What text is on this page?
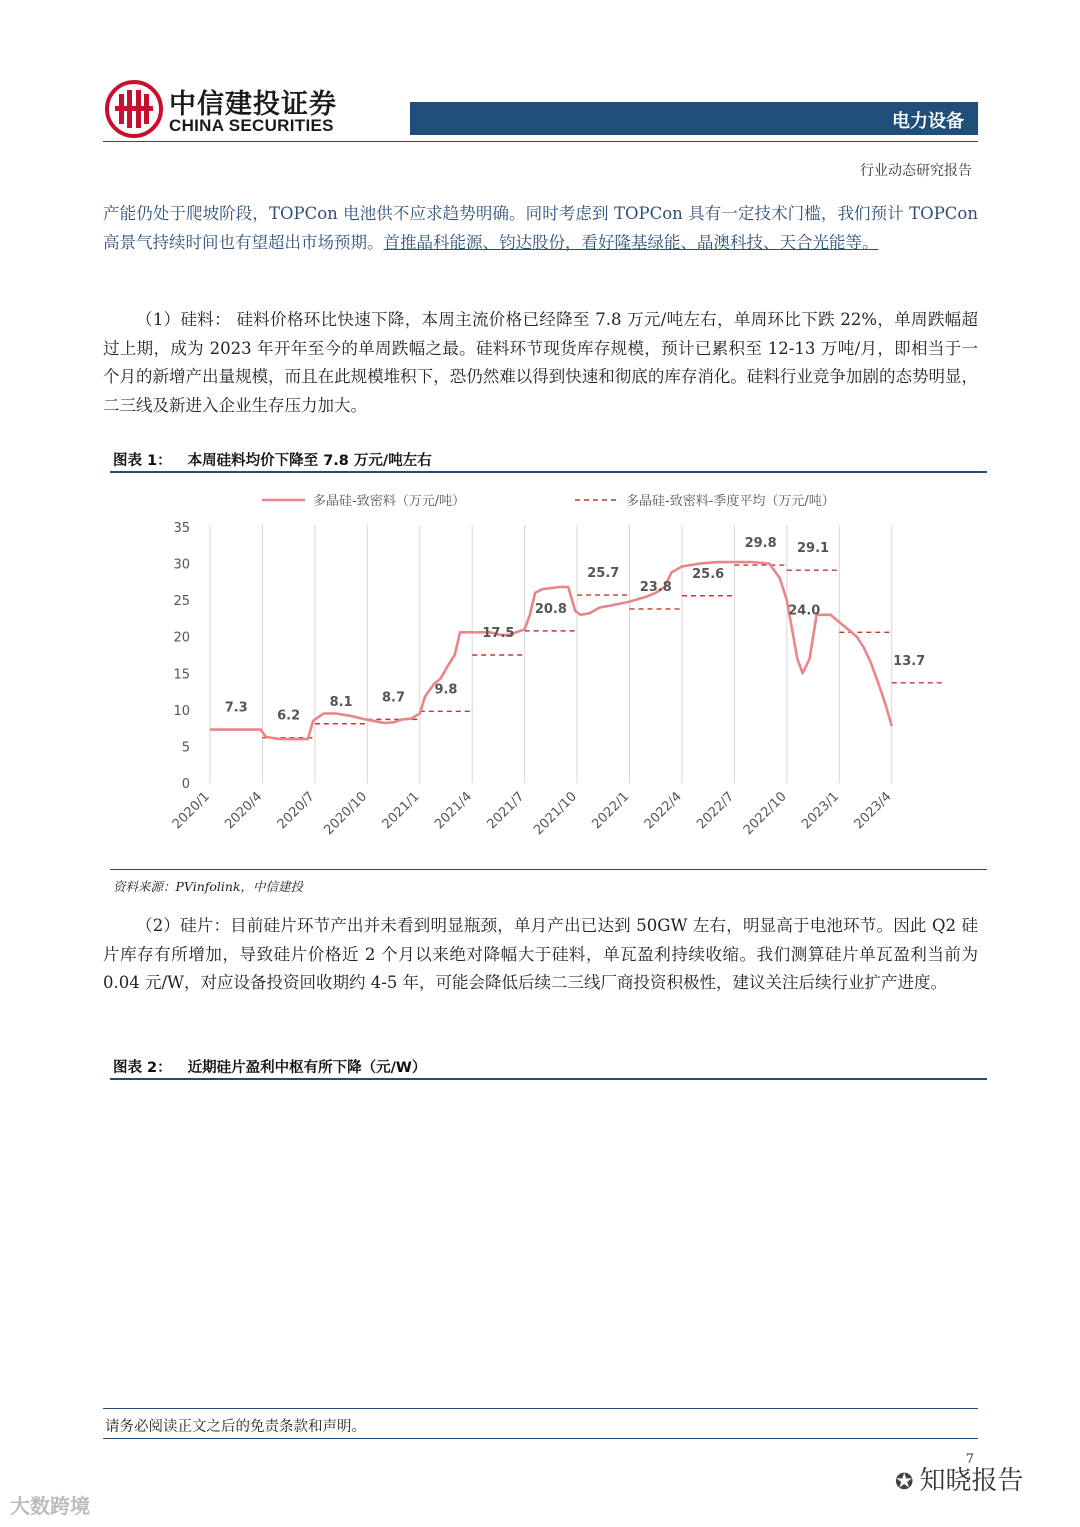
中信建投证券
CHINA SECURITIES	电力设备
行业动态研究报告

产能仍处于爬坡阶段，TOPCon 电池供不应求趋势明确。同时考虑到 TOPCon 具有一定技术门槛，我们预计 TOPCon 高景气持续时间也有望超出市场预期。首推晶科能源、钧达股份，看好隆基绿能、晶澳科技、天合光能等。

（1）硅料： 硅料价格环比快速下降，本周主流价格已经降至 7.8 万元/吨左右，单周环比下跌 22%，单周跌幅超过上期，成为 2023 年开年至今的单周跌幅之最。硅料环节现货库存规模，预计已累积至 12-13 万吨/月，即相当于一个月的新增产出量规模，而且在此规模堆积下，恐仍然难以得到快速和彻底的库存消化。硅料行业竞争加剧的态势明显，二三线及新进入企业生存压力加大。

图表 1： 本周硅料均价下降至 7.8 万元/吨左右
0
5
10
15
20
25
30
35
2020/1 2020/4 2020/7 2020/10 2021/1 2021/4 2021/7 2021/10 2022/1 2022/4 2022/7 2022/10 2023/1 2023/4
7.3
6.2
8.1 8.7
9.8
17.5
20.8
25.7
23.8
25.6
29.8 29.1
24.0
13.7
多晶硅-致密料（万元/吨）	多晶硅-致密料-季度平均（万元/吨）
资料来源：PVinfolink，中信建投

（2）硅片：目前硅片环节产出并未看到明显瓶颈，单月产出已达到 50GW 左右，明显高于电池环节。因此 Q2 硅片库存有所增加，导致硅片价格近 2 个月以来绝对降幅大于硅料，单瓦盈利持续收缩。我们测算硅片单瓦盈利当前为 0.04 元/W，对应设备投资回收期约 4-5 年，可能会降低后续二三线厂商投资积极性，建议关注后续行业扩产进度。

图表 2： 近期硅片盈利中枢有所下降（元/W）
请务必阅读正文之后的免责条款和声明。
7
大数跨境
✪ 知晓报告
